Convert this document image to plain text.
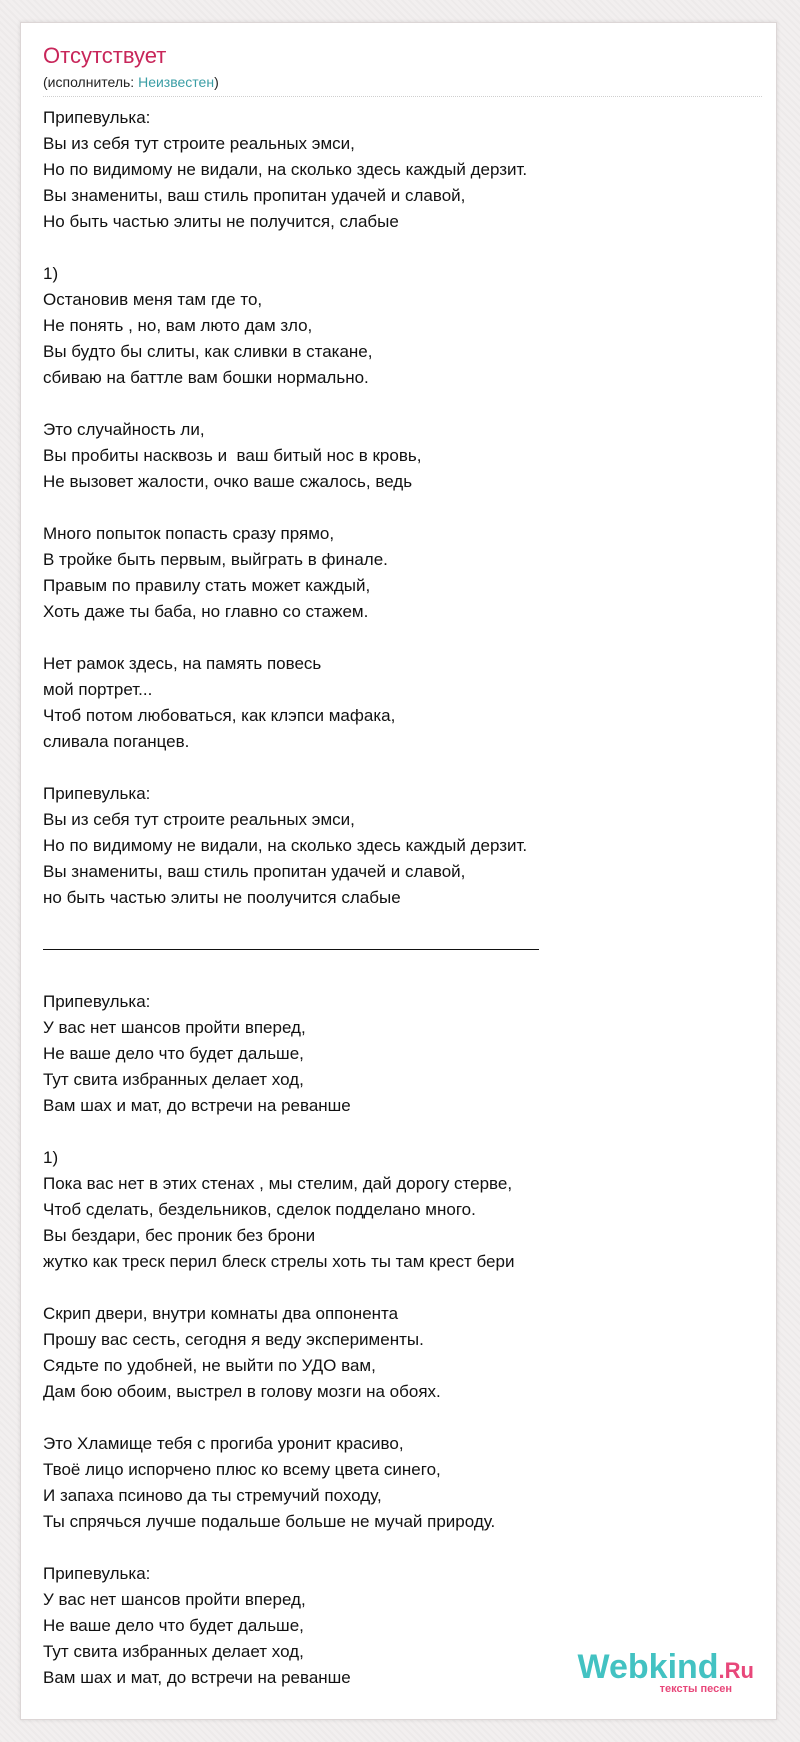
Отсутствует
(исполнитель: Неизвестен)
Припевулька:
Вы из себя тут строите реальных эмси,
Но по видимому не видали, на сколько здесь каждый дерзит.
Вы знамениты, ваш стиль пропитан удачей и славой,
Но быть частью элиты не получится, слабые
1)
Остановив меня там где то,
Не понять , но, вам люто дам зло,
Вы будто бы слиты, как сливки в стакане,
сбиваю на баттле вам бошки нормально.
Это случайность ли,
Вы пробиты насквозь и  ваш битый нос в кровь,
Не вызовет жалости, очко ваше сжалось, ведь
Много попыток попасть сразу прямо,
В тройке быть первым, выйграть в финале.
Правым по правилу стать может каждый,
Хоть даже ты баба, но главно со стажем.
Нет рамок здесь, на память повесь
мой портрет...
Чтоб потом любоваться, как клэпси мафака,
сливала поганцев.
Припевулька:
Вы из себя тут строите реальных эмси,
Но по видимому не видали, на сколько здесь каждый дерзит.
Вы знамениты, ваш стиль пропитан удачей и славой,
но быть частью элиты не поолучится слабые
Припевулька:
У вас нет шансов пройти вперед,
Не ваше дело что будет дальше,
Тут свита избранных делает ход,
Вам шах и мат, до встречи на реванше
1)
Пока вас нет в этих стенах , мы стелим, дай дорогу стерве,
Чтоб сделать, бездельников, сделок подделано много.
Вы бездари, бес проник без брони
жутко как треск перил блеск стрелы хоть ты там крест бери
Скрип двери, внутри комнаты два оппонента
Прошу вас сесть, сегодня я веду эксперименты.
Сядьте по удобней, не выйти по УДО вам,
Дам бою обоим, выстрел в голову мозги на обоях.
Это Хламище тебя с прогиба уронит красиво,
Твоё лицо испорчено плюс ко всему цвета синего,
И запаха псиново да ты стремучий походу,
Ты спрячься лучше подальше больше не мучай природу.
Припевулька:
У вас нет шансов пройти вперед,
Не ваше дело что будет дальше,
Тут свита избранных делает ход,
Вам шах и мат, до встречи на реванше	Webkind.Ru
тексты песен
